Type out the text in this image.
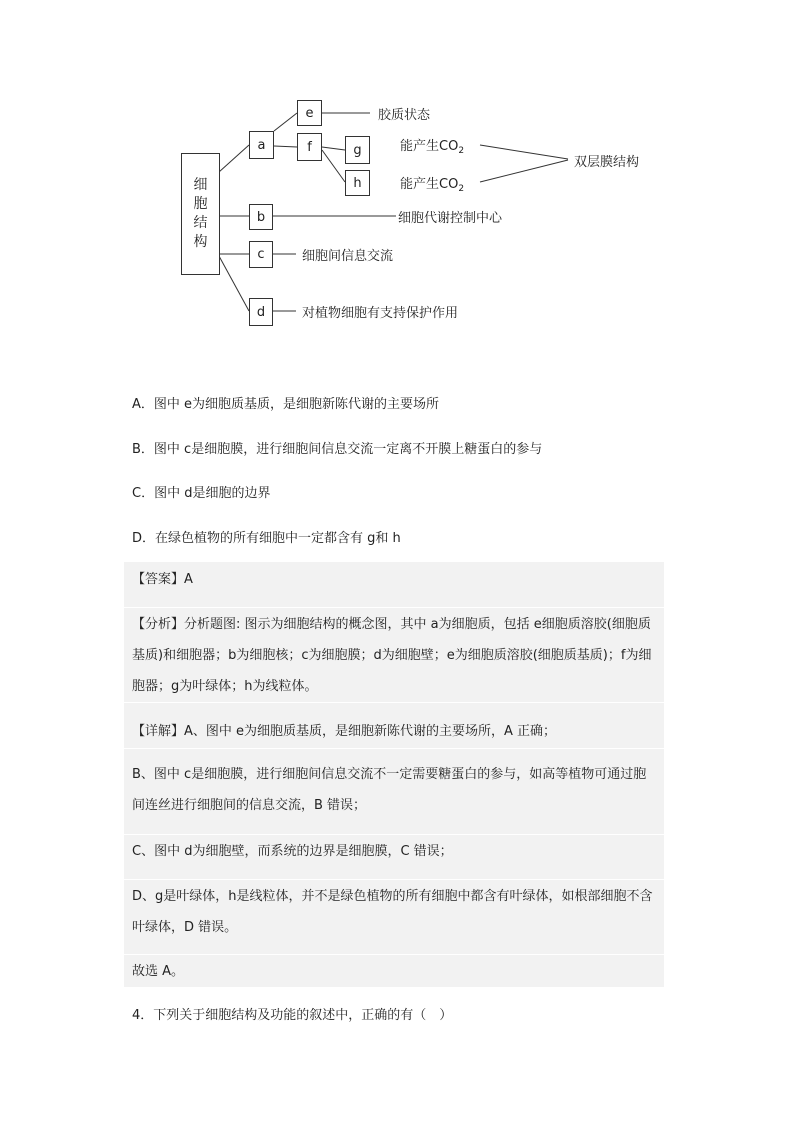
细
胞
结
构
a
e
f	g
h
b
c
d
胶质状态
能产生$CO_2$
能产生$CO_2$
双层膜结构
细胞代谢控制中心
细胞间信息交流
对植物细胞有支持保护作用
A．图中 e为细胞质基质，是细胞新陈代谢的主要场所
B．图中 c是细胞膜，进行细胞间信息交流一定离不开膜上糖蛋白的参与
C．图中 d是细胞的边界
D．在绿色植物的所有细胞中一定都含有 g和 h
【答案】A
【分析】分析题图: 图示为细胞结构的概念图，其中 a为细胞质，包括 e细胞质溶胶(细胞质基质)和细胞器；b为细胞核；c为细胞膜；d为细胞壁；e为细胞质溶胶(细胞质基质)；f为细胞器；g为叶绿体；h为线粒体。
【详解】A、图中 e为细胞质基质，是细胞新陈代谢的主要场所，A 正确；
B、图中 c是细胞膜，进行细胞间信息交流不一定需要糖蛋白的参与，如高等植物可通过胞间连丝进行细胞间的信息交流，B 错误；
C、图中 d为细胞壁，而系统的边界是细胞膜，C 错误；
D、g是叶绿体，h是线粒体，并不是绿色植物的所有细胞中都含有叶绿体，如根部细胞不含叶绿体，D 错误。
故选 A。
4．下列关于细胞结构及功能的叙述中，正确的有（　）
